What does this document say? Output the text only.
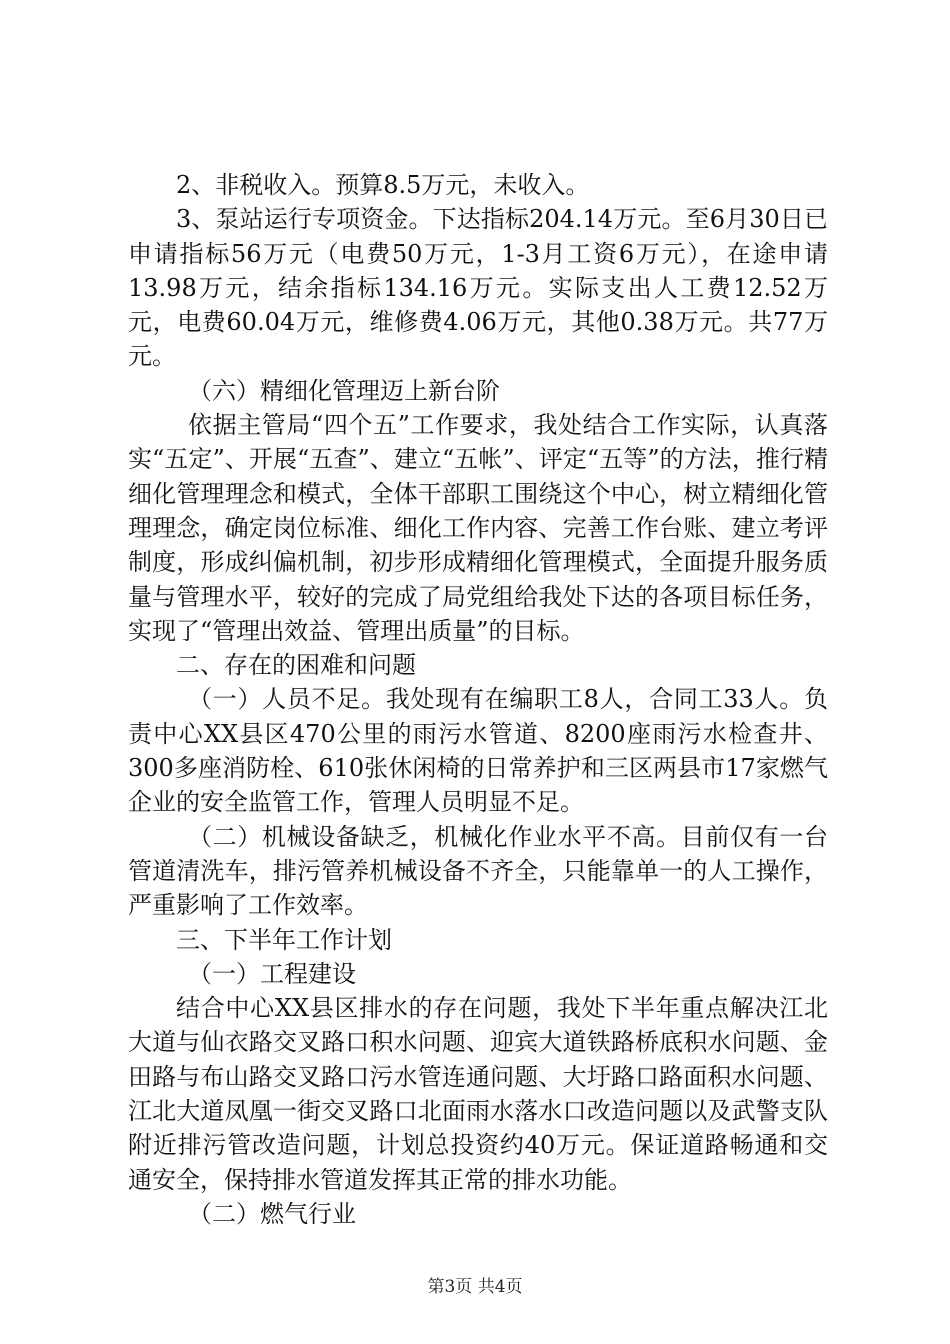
2、非税收入。预算8.5万元，未收入。

3、泵站运行专项资金。下达指标204.14万元。至6月30日已申请指标56万元（电费50万元，1-3月工资6万元），在途申请13.98万元，结余指标134.16万元。实际支出人工费12.52万元，电费60.04万元，维修费4.06万元，其他0.38万元。共77万元。

（六）精细化管理迈上新台阶

依据主管局“四个五”工作要求，我处结合工作实际，认真落实“五定”、开展“五查”、建立“五帐”、评定“五等”的方法，推行精细化管理理念和模式，全体干部职工围绕这个中心，树立精细化管理理念，确定岗位标准、细化工作内容、完善工作台账、建立考评制度，形成纠偏机制，初步形成精细化管理模式，全面提升服务质量与管理水平，较好的完成了局党组给我处下达的各项目标任务，实现了“管理出效益、管理出质量”的目标。

二、存在的困难和问题

（一）人员不足。我处现有在编职工8人，合同工33人。负责中心XX县区470公里的雨污水管道、8200座雨污水检查井、300多座消防栓、610张休闲椅的日常养护和三区两县市17家燃气企业的安全监管工作，管理人员明显不足。

（二）机械设备缺乏，机械化作业水平不高。目前仅有一台管道清洗车，排污管养机械设备不齐全，只能靠单一的人工操作，严重影响了工作效率。

三、下半年工作计划

（一）工程建设

结合中心XX县区排水的存在问题，我处下半年重点解决江北大道与仙衣路交叉路口积水问题、迎宾大道铁路桥底积水问题、金田路与布山路交叉路口污水管连通问题、大圩路口路面积水问题、江北大道凤凰一街交叉路口北面雨水落水口改造问题以及武警支队附近排污管改造问题，计划总投资约40万元。保证道路畅通和交通安全，保持排水管道发挥其正常的排水功能。

（二）燃气行业

第3页 共4页
